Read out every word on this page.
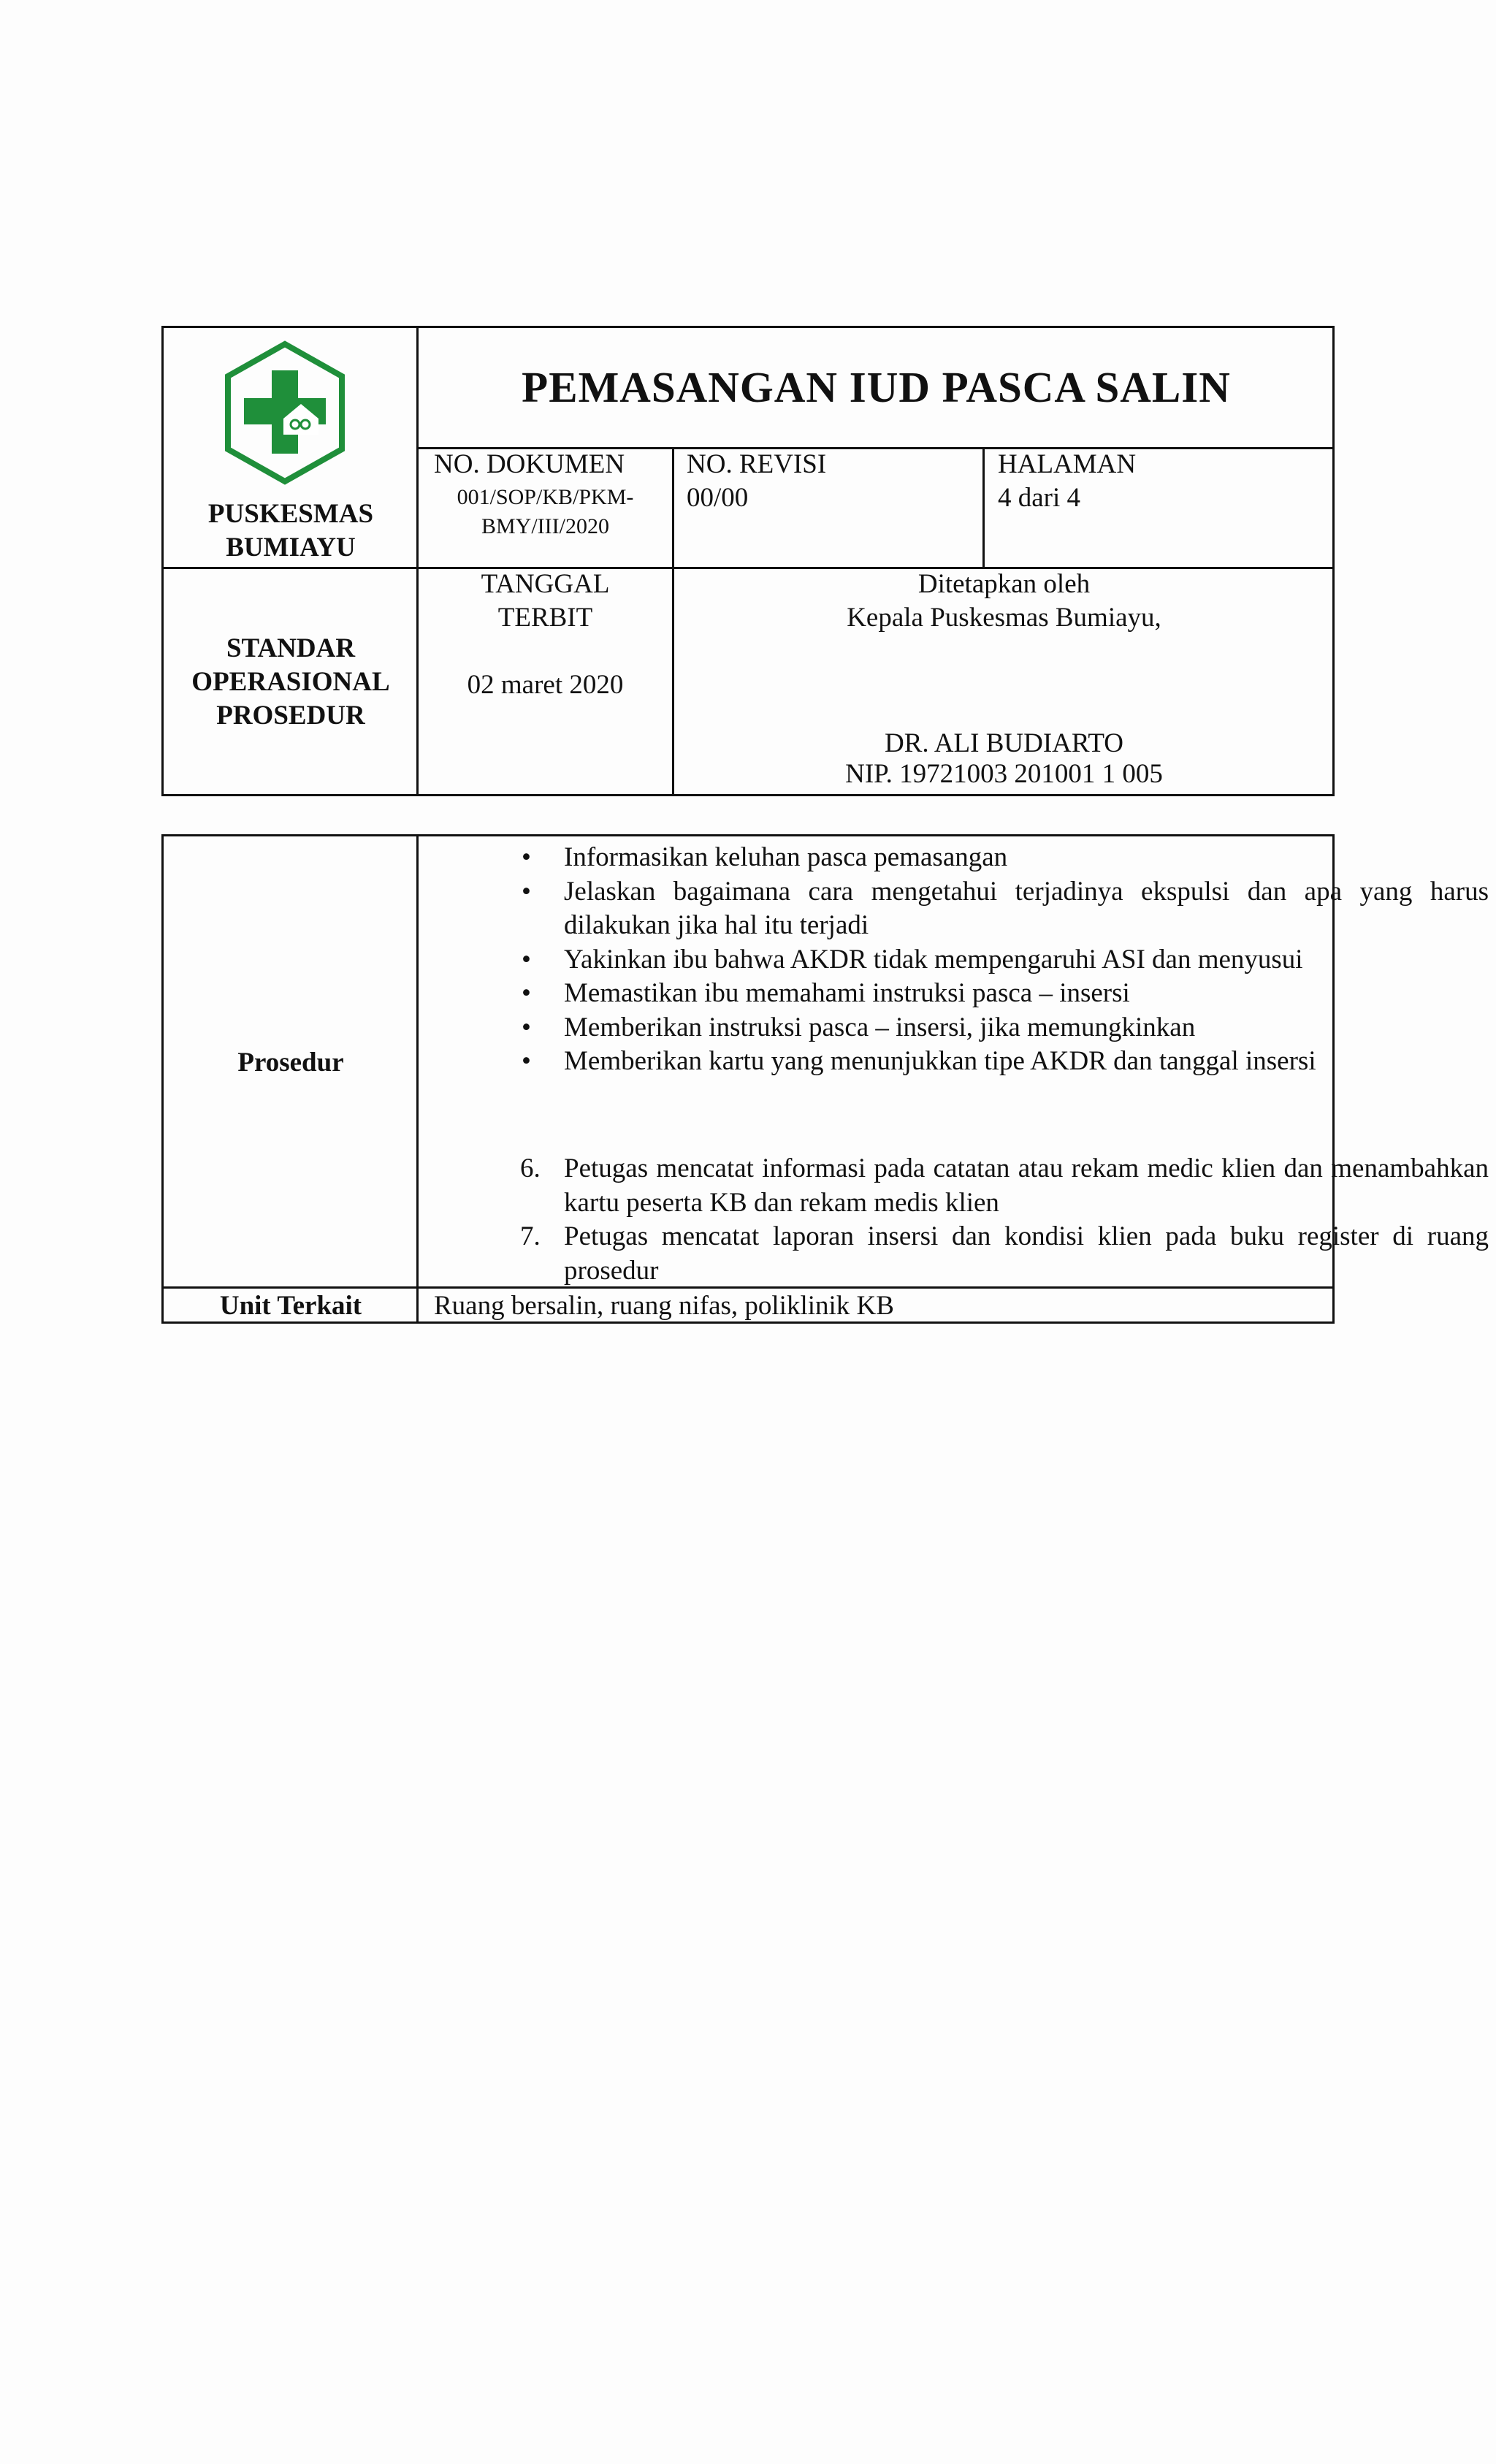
PUSKESMAS
BUMIAYU
PEMASANGAN IUD PASCA SALIN
NO. DOKUMEN
001/SOP/KB/PKM-
BMY/III/2020
NO. REVISI
00/00
HALAMAN
4 dari 4
STANDAR
OPERASIONAL
PROSEDUR
TANGGAL
TERBIT
02 maret 2020
Ditetapkan oleh
Kepala Puskesmas Bumiayu,
DR. ALI BUDIARTO
NIP. 19721003 201001 1 005
Prosedur
• Informasikan keluhan pasca pemasangan
• Jelaskan bagaimana cara mengetahui terjadinya ekspulsi dan apa yang harus dilakukan jika hal itu terjadi
• Yakinkan ibu bahwa AKDR tidak mempengaruhi ASI dan menyusui
• Memastikan ibu memahami instruksi pasca – insersi
• Memberikan instruksi pasca – insersi, jika memungkinkan
• Memberikan kartu yang menunjukkan tipe AKDR dan tanggal insersi
6. Petugas mencatat informasi pada catatan atau rekam medic klien dan menambahkan kartu peserta KB dan rekam medis klien
7. Petugas mencatat laporan insersi dan kondisi klien pada buku register di ruang prosedur
Unit Terkait	Ruang bersalin, ruang nifas, poliklinik KB
